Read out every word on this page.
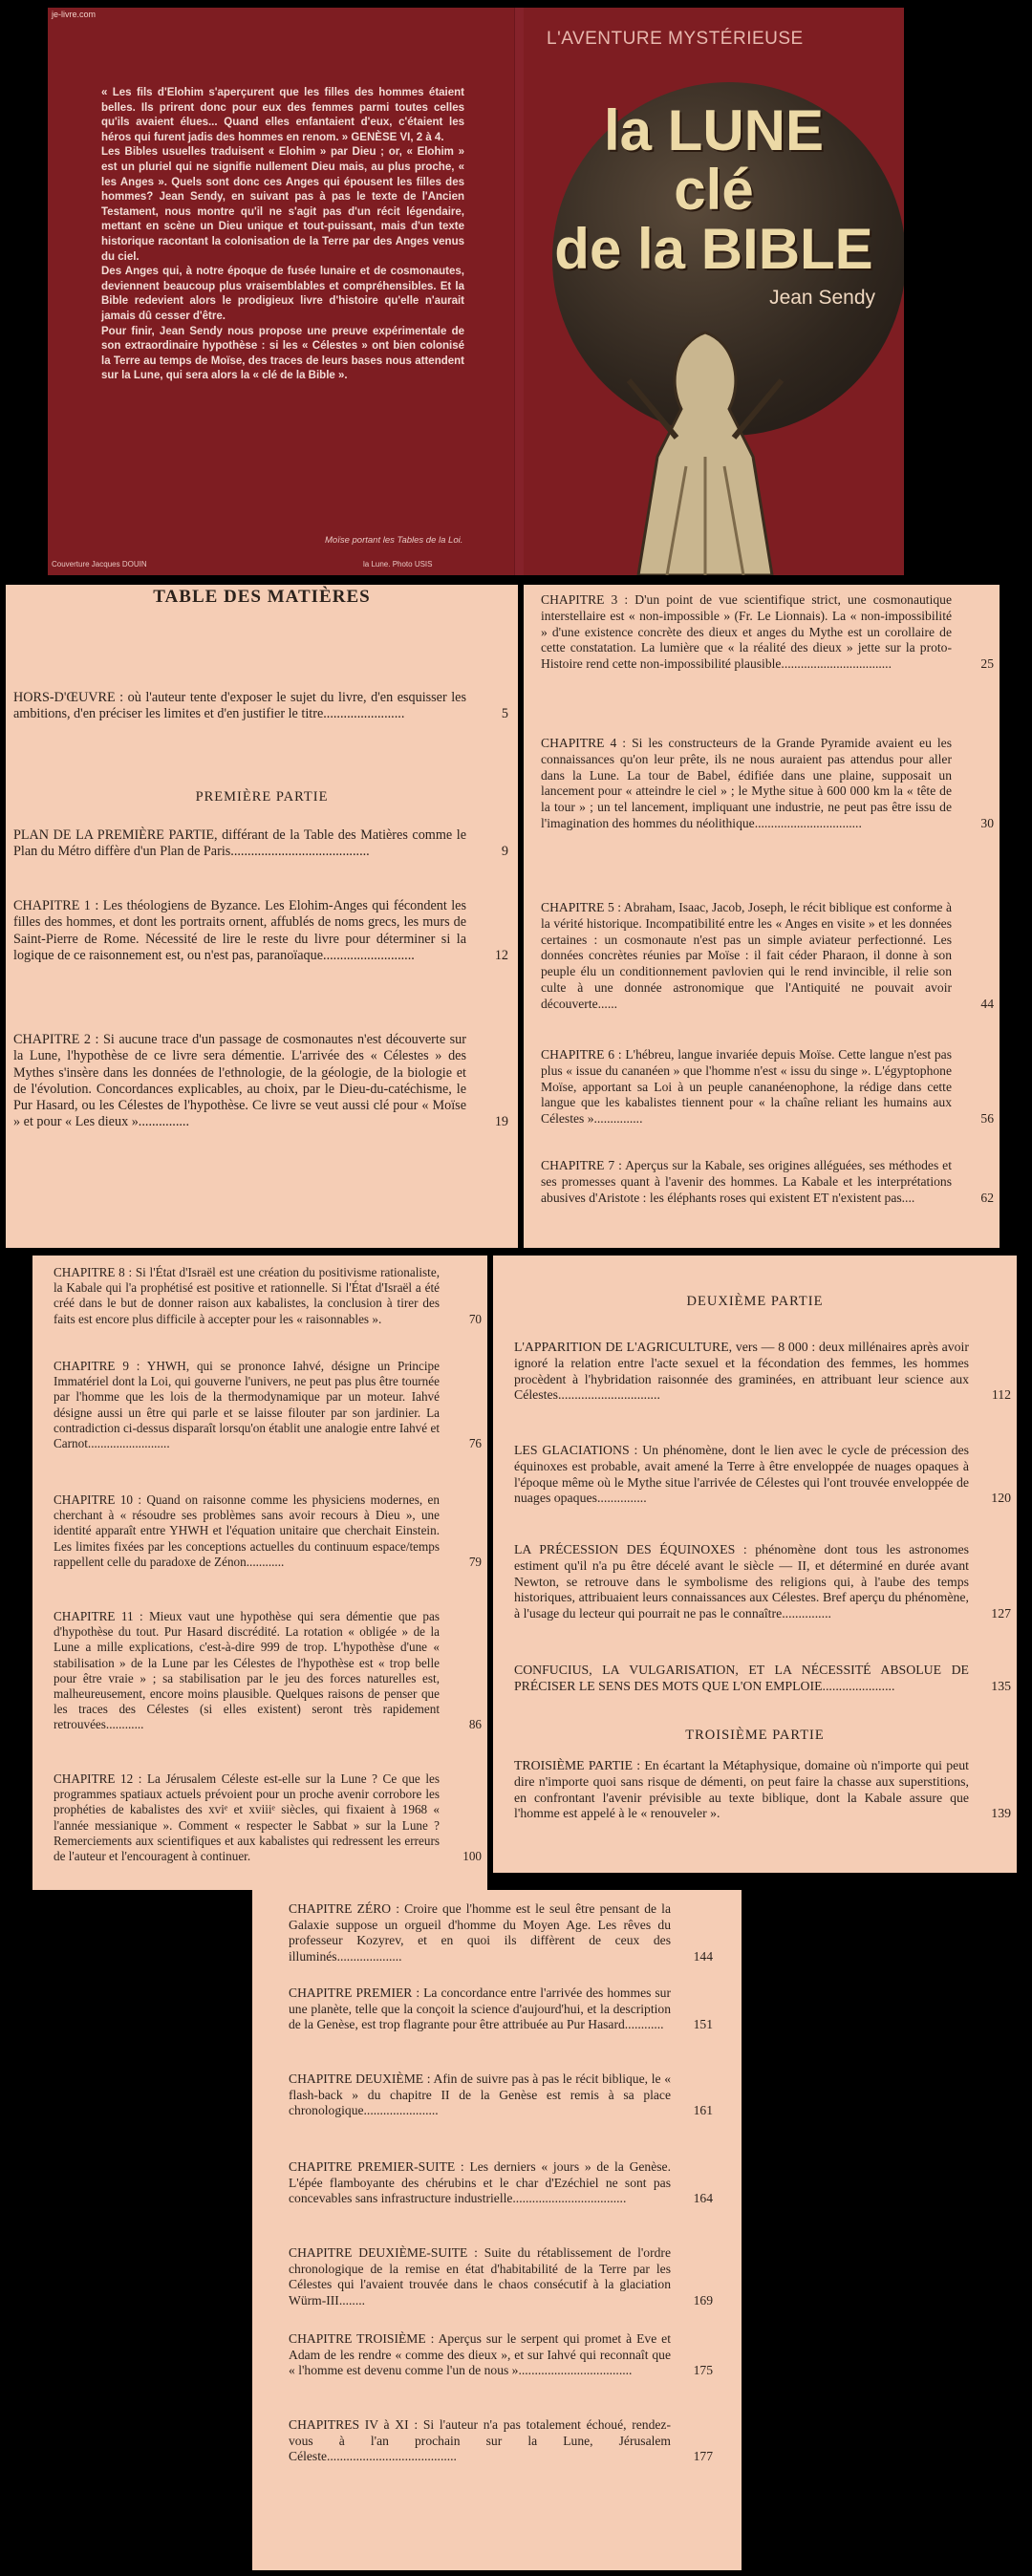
je-livre.com

« Les fils d'Elohim s'aperçurent que les filles des hommes étaient belles. Ils prirent donc pour eux des femmes parmi toutes celles qu'ils avaient élues... Quand elles enfantaient d'eux, c'étaient les héros qui furent jadis des hommes en renom. » GENÈSE VI, 2 à 4.

Les Bibles usuelles traduisent « Elohim » par Dieu ; or, « Elohim » est un pluriel qui ne signifie nullement Dieu mais, au plus proche, « les Anges ». Quels sont donc ces Anges qui épousent les filles des hommes? Jean Sendy, en suivant pas à pas le texte de l'Ancien Testament, nous montre qu'il ne s'agit pas d'un récit légendaire, mettant en scène un Dieu unique et tout-puissant, mais d'un texte historique racontant la colonisation de la Terre par des Anges venus du ciel.

Des Anges qui, à notre époque de fusée lunaire et de cosmonautes, deviennent beaucoup plus vraisemblables et compréhensibles. Et la Bible redevient alors le prodigieux livre d'histoire qu'elle n'aurait jamais dû cesser d'être.

Pour finir, Jean Sendy nous propose une preuve expérimentale de son extraordinaire hypothèse : si les « Célestes » ont bien colonisé la Terre au temps de Moïse, des traces de leurs bases nous attendent sur la Lune, qui sera alors la « clé de la Bible ».

Moïse portant les Tables de la Loi.
Couverture Jacques DOUIN	la Lune. Photo USIS
L'AVENTURE MYSTÉRIEUSE
la LUNE
clé
de la BIBLE
Jean Sendy
TABLE DES MATIÈRES
HORS-D'ŒUVRE : où l'auteur tente d'exposer le sujet du livre, d'en esquisser les ambitions, d'en préciser les limites et d'en justifier le titre........................	5
PREMIÈRE PARTIE
PLAN DE LA PREMIÈRE PARTIE, différant de la Table des Matières comme le Plan du Métro diffère d'un Plan de Paris.........................................	9
CHAPITRE 1 : Les théologiens de Byzance. Les Elohim-Anges qui fécondent les filles des hommes, et dont les portraits ornent, affublés de noms grecs, les murs de Saint-Pierre de Rome. Nécessité de lire le reste du livre pour déterminer si la logique de ce raisonnement est, ou n'est pas, paranoïaque...........................	12
CHAPITRE 2 : Si aucune trace d'un passage de cosmonautes n'est découverte sur la Lune, l'hypothèse de ce livre sera démentie. L'arrivée des « Célestes » des Mythes s'insère dans les données de l'ethnologie, de la géologie, de la biologie et de l'évolution. Concordances explicables, au choix, par le Dieu-du-catéchisme, le Pur Hasard, ou les Célestes de l'hypothèse. Ce livre se veut aussi clé pour « Moïse » et pour « Les dieux »...............	19
CHAPITRE 3 : D'un point de vue scientifique strict, une cosmonautique interstellaire est « non-impossible » (Fr. Le Lionnais). La « non-impossibilité » d'une existence concrète des dieux et anges du Mythe est un corollaire de cette constatation. La lumière que « la réalité des dieux » jette sur la proto-Histoire rend cette non-impossibilité plausible..................................	25
CHAPITRE 4 : Si les constructeurs de la Grande Pyramide avaient eu les connaissances qu'on leur prête, ils ne nous auraient pas attendus pour aller dans la Lune. La tour de Babel, édifiée dans une plaine, supposait un lancement pour « atteindre le ciel » ; le Mythe situe à 600 000 km la « tête de la tour » ; un tel lancement, impliquant une industrie, ne peut pas être issu de l'imagination des hommes du néolithique.................................	30
CHAPITRE 5 : Abraham, Isaac, Jacob, Joseph, le récit biblique est conforme à la vérité historique. Incompatibilité entre les « Anges en visite » et les données certaines : un cosmonaute n'est pas un simple aviateur perfectionné. Les données concrètes réunies par Moïse : il fait céder Pharaon, il donne à son peuple élu un conditionnement pavlovien qui le rend invincible, il relie son culte à une donnée astronomique que l'Antiquité ne pouvait avoir découverte......	44
CHAPITRE 6 : L'hébreu, langue invariée depuis Moïse. Cette langue n'est pas plus « issue du cananéen » que l'homme n'est « issu du singe ». L'égyptophone Moïse, apportant sa Loi à un peuple cananéenophone, la rédige dans cette langue que les kabalistes tiennent pour « la chaîne reliant les humains aux Célestes »...............	56
CHAPITRE 7 : Aperçus sur la Kabale, ses origines alléguées, ses méthodes et ses promesses quant à l'avenir des hommes. La Kabale et les interprétations abusives d'Aristote : les éléphants roses qui existent ET n'existent pas....	62
CHAPITRE 8 : Si l'État d'Israël est une création du positivisme rationaliste, la Kabale qui l'a prophétisé est positive et rationnelle. Si l'État d'Israël a été créé dans le but de donner raison aux kabalistes, la conclusion à tirer des faits est encore plus difficile à accepter pour les « raisonnables ».	70
CHAPITRE 9 : YHWH, qui se prononce Iahvé, désigne un Principe Immatériel dont la Loi, qui gouverne l'univers, ne peut pas plus être tournée par l'homme que les lois de la thermodynamique par un moteur. Iahvé désigne aussi un être qui parle et se laisse filouter par son jardinier. La contradiction ci-dessus disparaît lorsqu'on établit une analogie entre Iahvé et Carnot..........................	76
CHAPITRE 10 : Quand on raisonne comme les physiciens modernes, en cherchant à « résoudre ses problèmes sans avoir recours à Dieu », une identité apparaît entre YHWH et l'équation unitaire que cherchait Einstein. Les limites fixées par les conceptions actuelles du continuum espace/temps rappellent celle du paradoxe de Zénon............	79
CHAPITRE 11 : Mieux vaut une hypothèse qui sera démentie que pas d'hypothèse du tout. Pur Hasard discrédité. La rotation « obligée » de la Lune a mille explications, c'est-à-dire 999 de trop. L'hypothèse d'une « stabilisation » de la Lune par les Célestes de l'hypothèse est « trop belle pour être vraie » ; sa stabilisation par le jeu des forces naturelles est, malheureusement, encore moins plausible. Quelques raisons de penser que les traces des Célestes (si elles existent) seront très rapidement retrouvées............	86
CHAPITRE 12 : La Jérusalem Céleste est-elle sur la Lune ? Ce que les programmes spatiaux actuels prévoient pour un proche avenir corrobore les prophéties de kabalistes des xviᵉ et xviiiᵉ siècles, qui fixaient à 1968 « l'année messianique ». Comment « respecter le Sabbat » sur la Lune ? Remerciements aux scientifiques et aux kabalistes qui redressent les erreurs de l'auteur et l'encouragent à continuer.	100
DEUXIÈME PARTIE
L'APPARITION DE L'AGRICULTURE, vers — 8 000 : deux millénaires après avoir ignoré la relation entre l'acte sexuel et la fécondation des femmes, les hommes procèdent à l'hybridation raisonnée des graminées, en attribuant leur science aux Célestes...............................	112
LES GLACIATIONS : Un phénomène, dont le lien avec le cycle de précession des équinoxes est probable, avait amené la Terre à être enveloppée de nuages opaques à l'époque même où le Mythe situe l'arrivée de Célestes qui l'ont trouvée enveloppée de nuages opaques...............	120
LA PRÉCESSION DES ÉQUINOXES : phénomène dont tous les astronomes estiment qu'il n'a pu être décelé avant le siècle — II, et déterminé en durée avant Newton, se retrouve dans le symbolisme des religions qui, à l'aube des temps historiques, attribuaient leurs connaissances aux Célestes. Bref aperçu du phénomène, à l'usage du lecteur qui pourrait ne pas le connaître...............	127
CONFUCIUS, LA VULGARISATION, ET LA NÉCESSITÉ ABSOLUE DE PRÉCISER LE SENS DES MOTS QUE L'ON EMPLOIE......................	135
TROISIÈME PARTIE
TROISIÈME PARTIE : En écartant la Métaphysique, domaine où n'importe qui peut dire n'importe quoi sans risque de démenti, on peut faire la chasse aux superstitions, en confrontant l'avenir prévisible au texte biblique, dont la Kabale assure que l'homme est appelé à le « renouveler ».	139
CHAPITRE ZÉRO : Croire que l'homme est le seul être pensant de la Galaxie suppose un orgueil d'homme du Moyen Age. Les rêves du professeur Kozyrev, et en quoi ils diffèrent de ceux des illuminés....................	144
CHAPITRE PREMIER : La concordance entre l'arrivée des hommes sur une planète, telle que la conçoit la science d'aujourd'hui, et la description de la Genèse, est trop flagrante pour être attribuée au Pur Hasard............	151
CHAPITRE DEUXIÈME : Afin de suivre pas à pas le récit biblique, le « flash-back » du chapitre II de la Genèse est remis à sa place chronologique.......................	161
CHAPITRE PREMIER-SUITE : Les derniers « jours » de la Genèse. L'épée flamboyante des chérubins et le char d'Ezéchiel ne sont pas concevables sans infrastructure industrielle...................................	164
CHAPITRE DEUXIÈME-SUITE : Suite du rétablissement de l'ordre chronologique de la remise en état d'habitabilité de la Terre par les Célestes qui l'avaient trouvée dans le chaos consécutif à la glaciation Würm-III........	169
CHAPITRE TROISIÈME : Aperçus sur le serpent qui promet à Eve et Adam de les rendre « comme des dieux », et sur Iahvé qui reconnaît que « l'homme est devenu comme l'un de nous »...................................	175
CHAPITRES IV à XI : Si l'auteur n'a pas totalement échoué, rendez-vous à l'an prochain sur la Lune, Jérusalem Céleste........................................	177
